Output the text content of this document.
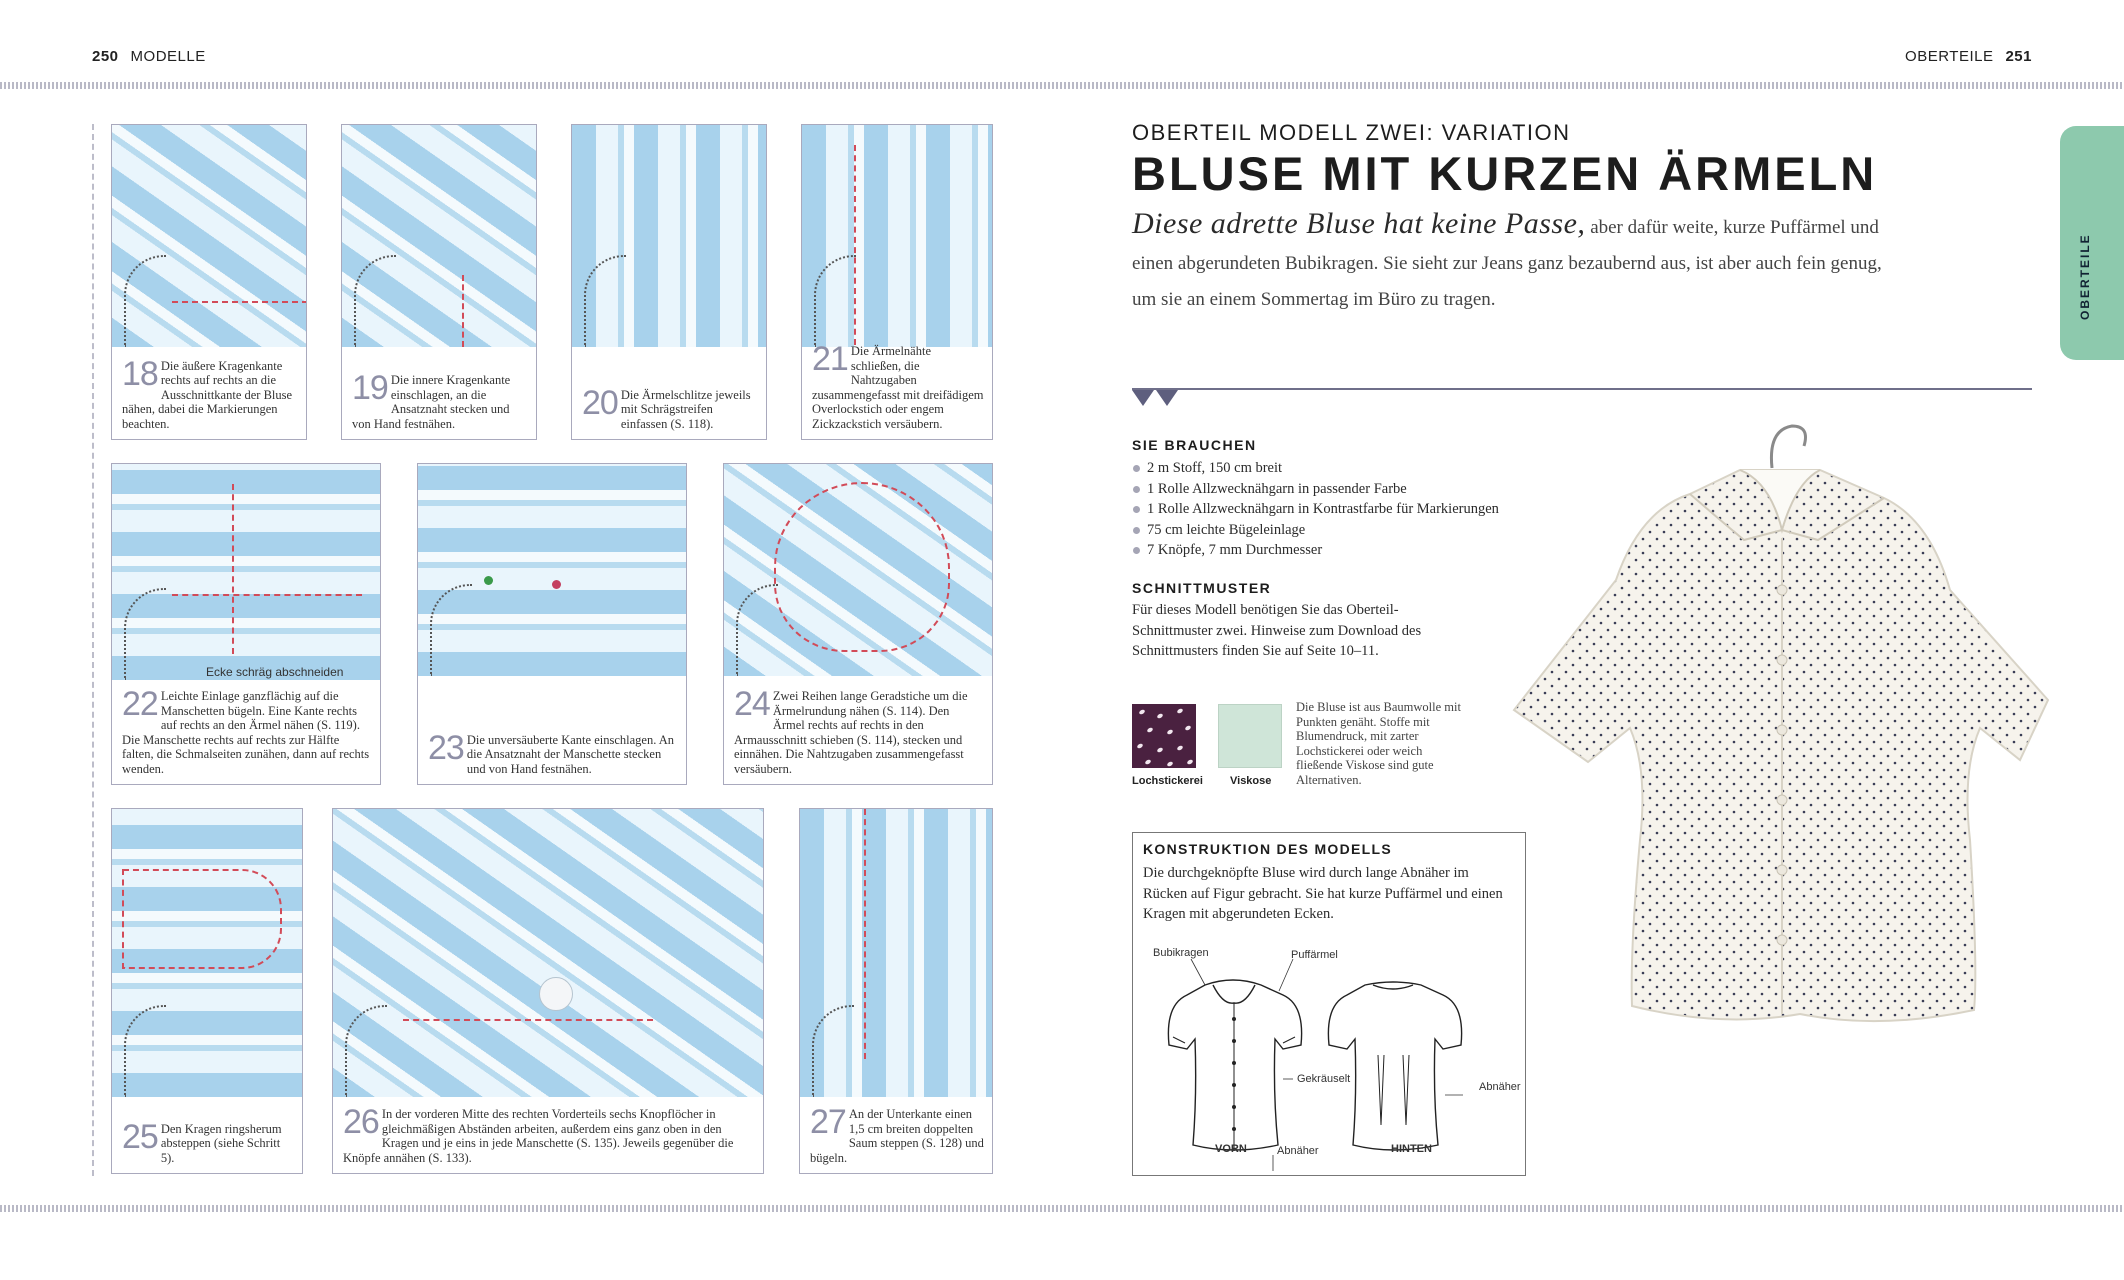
250 MODELLE	OBERTEILE 251
18 Die äußere Kragenkante rechts auf rechts an die Ausschnittkante der Bluse nähen, dabei die Markierungen beachten.
19 Die innere Kragenkante einschlagen, an die Ansatznaht stecken und von Hand festnähen.
20 Die Ärmelschlitze jeweils mit Schrägstreifen einfassen (S. 118).
21 Die Ärmelnähte schließen, die Nahtzugaben zusammengefasst mit dreifädigem Overlockstich oder engem Zickzackstich versäubern.
Ecke schräg abschneiden
22 Leichte Einlage ganzflächig auf die Manschetten bügeln. Eine Kante rechts auf rechts an den Ärmel nähen (S. 119). Die Manschette rechts auf rechts zur Hälfte falten, die Schmalseiten zunähen, dann auf rechts wenden.
23 Die unversäuberte Kante einschlagen. An die Ansatznaht der Manschette stecken und von Hand festnähen.
24 Zwei Reihen lange Geradstiche um die Ärmelrundung nähen (S. 114). Den Ärmel rechts auf rechts in den Armausschnitt schieben (S. 114), stecken und einnähen. Die Nahtzugaben zusammengefasst versäubern.
25 Den Kragen ringsherum absteppen (siehe Schritt 5).
26 In der vorderen Mitte des rechten Vorderteils sechs Knopflöcher in gleichmäßigen Abständen arbeiten, außerdem eins ganz oben in den Kragen und je eins in jede Manschette (S. 135). Jeweils gegenüber die Knöpfe annähen (S. 133).
27 An der Unterkante einen 1,5 cm breiten doppelten Saum steppen (S. 128) und bügeln.
OBERTEIL MODELL ZWEI: VARIATION
BLUSE MIT KURZEN ÄRMELN
Diese adrette Bluse hat keine Passe, aber dafür weite, kurze Puffärmel und einen abgerundeten Bubikragen. Sie sieht zur Jeans ganz bezaubernd aus, ist aber auch fein genug, um sie an einem Sommertag im Büro zu tragen.	OBERTEILE
SIE BRAUCHEN
2 m Stoff, 150 cm breit
1 Rolle Allzwecknähgarn in passender Farbe
1 Rolle Allzwecknähgarn in Kontrastfarbe für Markierungen
75 cm leichte Bügeleinlage
7 Knöpfe, 7 mm Durchmesser
SCHNITTMUSTER
Für dieses Modell benötigen Sie das Oberteil-Schnittmuster zwei. Hinweise zum Download des Schnittmusters finden Sie auf Seite 10–11.
Lochstickerei Viskose
Die Bluse ist aus Baumwolle mit Punkten genäht. Stoffe mit Blumendruck, mit zarter Lochstickerei oder weich fließende Viskose sind gute Alternativen.
KONSTRUKTION DES MODELLS
Die durchgeknöpfte Bluse wird durch lange Abnäher im Rücken auf Figur gebracht. Sie hat kurze Puffärmel und einen Kragen mit abgerundeten Ecken.
Bubikragen	Puffärmel
Gekräuselt
Abnäher
VORN	Abnäher	HINTEN
